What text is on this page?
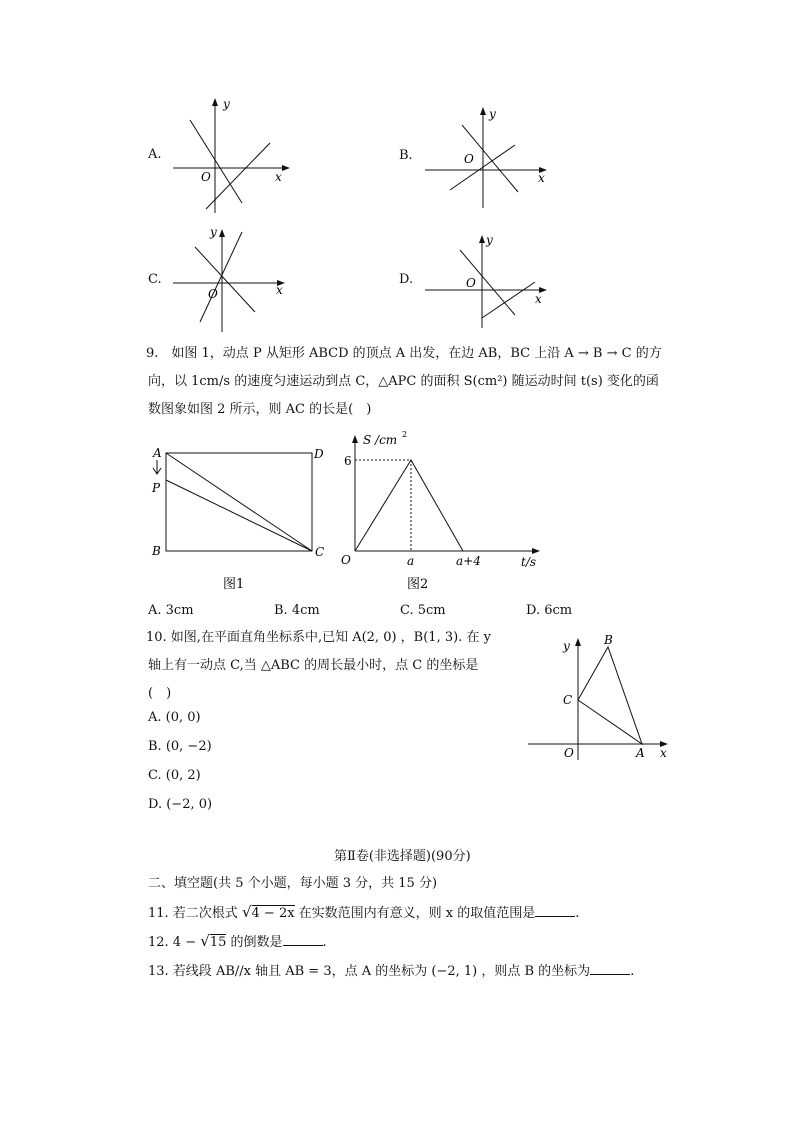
A.
y
x
O
B.
y
x
O
C.
y
x
O
D.
y
x
O
9.　如图 1，动点 P 从矩形 ABCD 的顶点 A 出发，在边 AB，BC 上沿 A → B → C 的方
向，以 1cm/s 的速度匀速运动到点 C，△APC 的面积 S(cm²) 随运动时间 t(s) 变化的函
数图象如图 2 所示，则 AC 的长是(　)
A
P
B	C
D
图1
S /cm 2
6
O	a	a+4	t/s
图2
A. 3cm	B. 4cm	C. 5cm	D. 6cm
10. 如图,在平面直角坐标系中,已知 A(2, 0) ，B(1, 3). 在 y
轴上有一动点 C,当 △ABC 的周长最小时，点 C 的坐标是
(　)
A. (0, 0)
B. (0, −2)
C. (0, 2)
D. (−2, 0)
y
x
O	A
B
C
第Ⅱ卷(非选择题)(90分)
二、填空题(共 5 个小题，每小题 3 分，共 15 分)
11. 若二次根式 √4 − 2x 在实数范围内有意义，则 x 的取值范围是	.
12. 4 − √15 的倒数是	.
13. 若线段 AB//x 轴且 AB = 3，点 A 的坐标为 (−2, 1) ，则点 B 的坐标为	.
